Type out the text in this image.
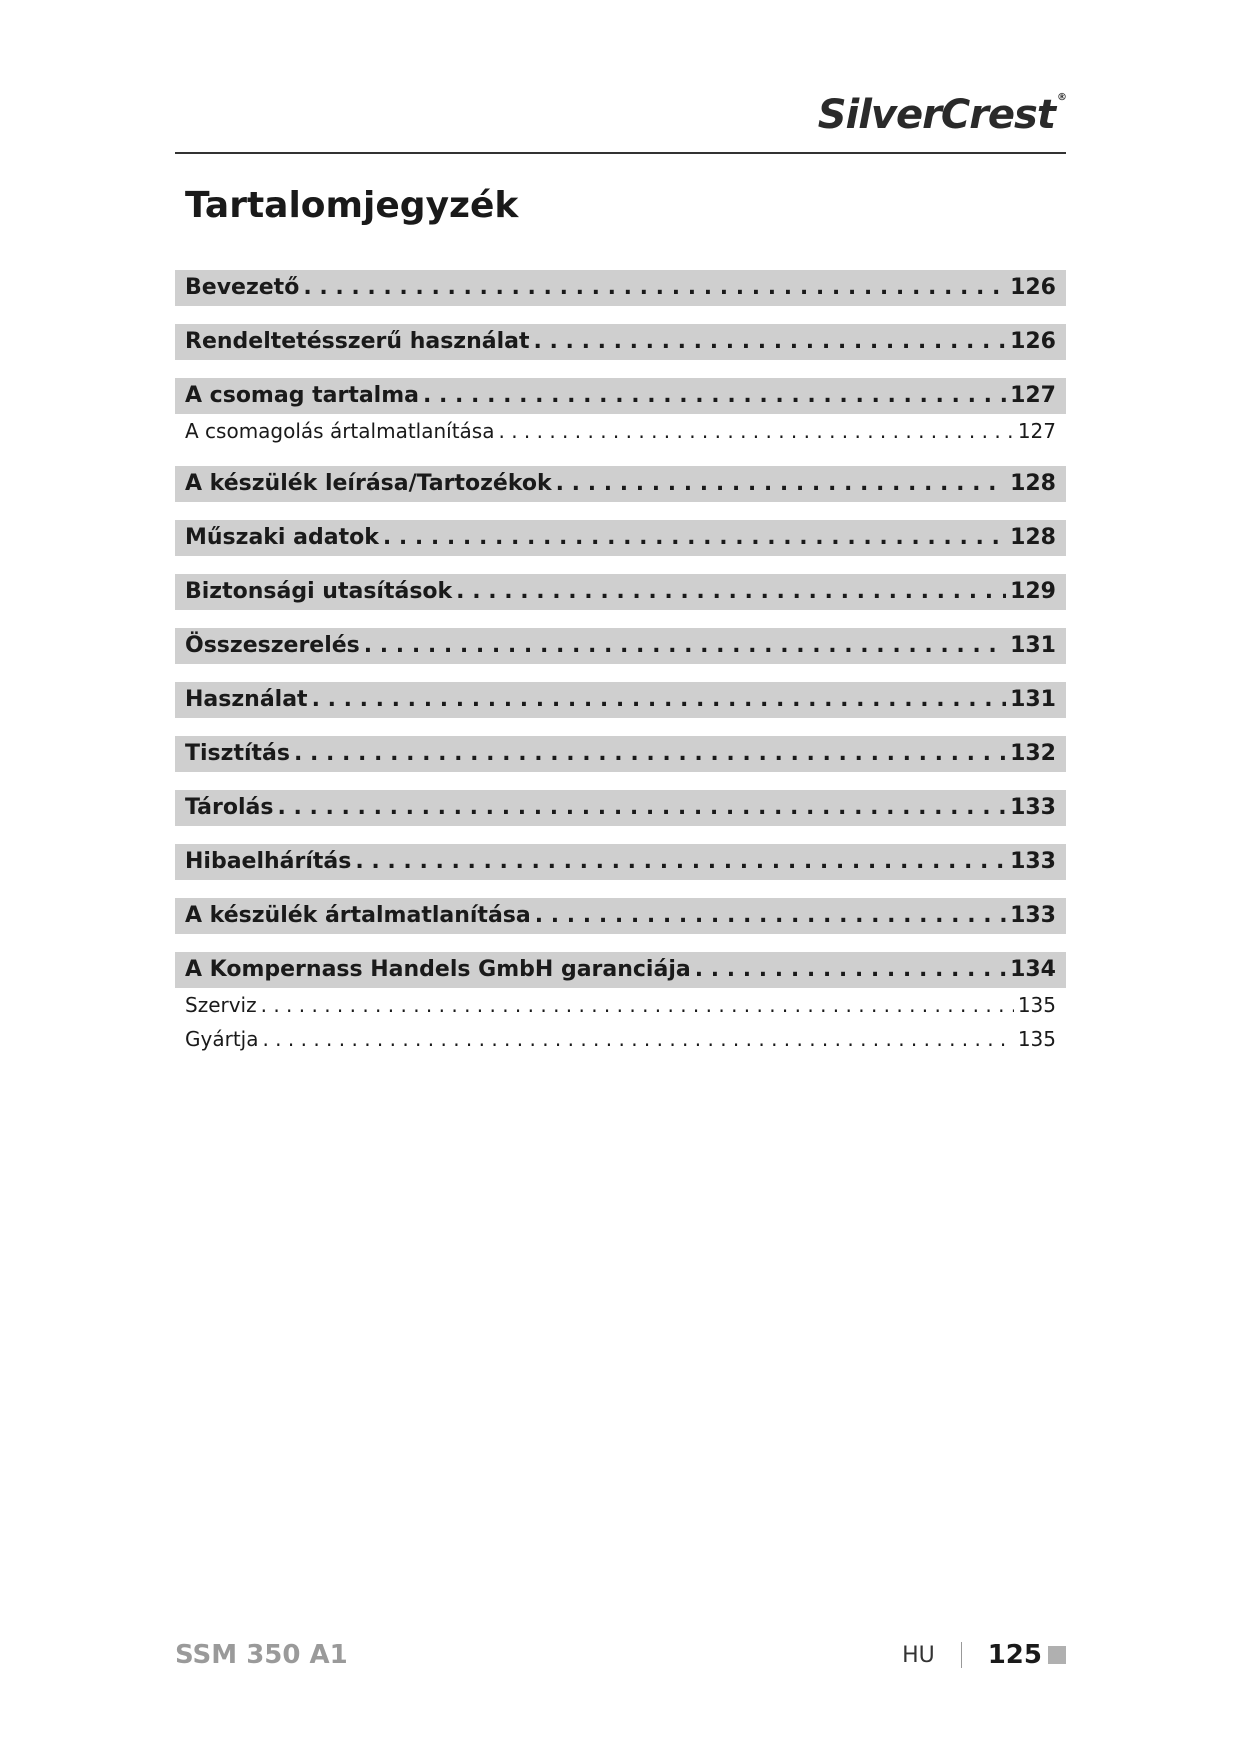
SilverCrest ®
Tartalomjegyzék
Bevezető . . .	126
Rendeltetésszerű használat . . .	126
A csomag tartalma . . .	127
A csomagolás ártalmatlanítása . . .	127
A készülék leírása/Tartozékok . . .	128
Műszaki adatok . . .	128
Biztonsági utasítások . . .	129
Összeszerelés . . .	131
Használat . . .	131
Tisztítás . . .	132
Tárolás . . .	133
Hibaelhárítás . . .	133
A készülék ártalmatlanítása . . .	133
A Kompernass Handels GmbH garanciája . . .	134
Szerviz . . .	135
Gyártja . . .	135
SSM 350 A1	HU 125
